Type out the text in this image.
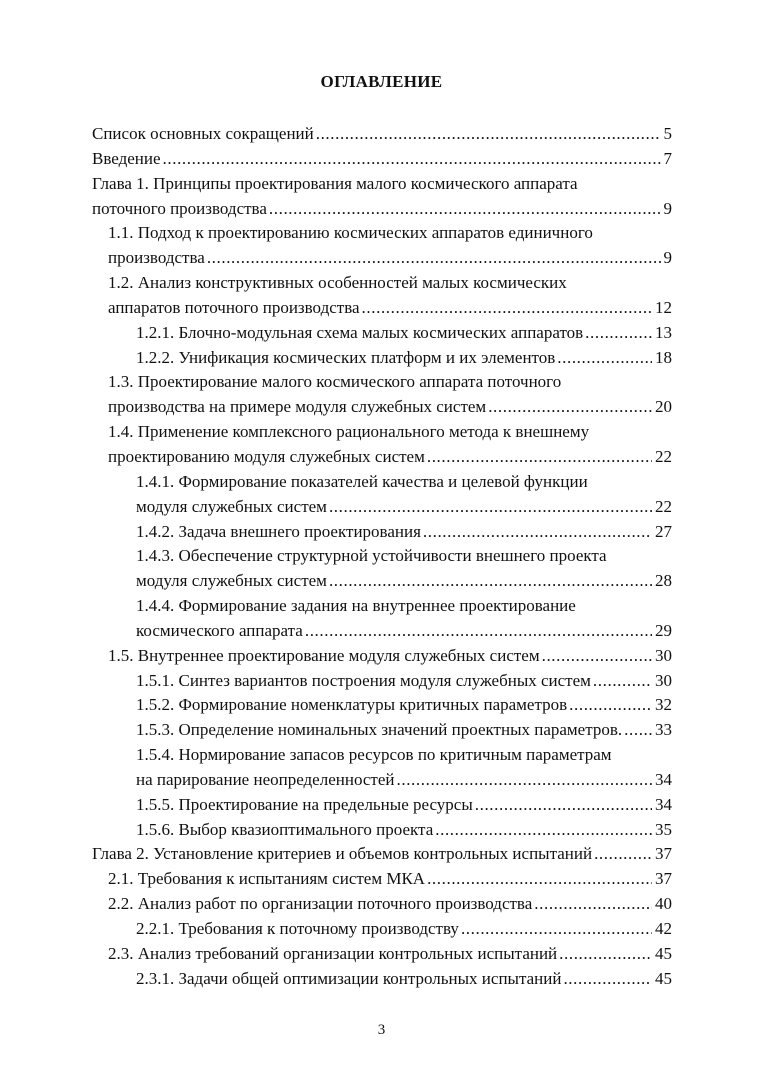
ОГЛАВЛЕНИЕ
Список основных сокращений .....	5
Введение .....	7
Глава 1. Принципы проектирования малого космического аппарата
поточного производства .....	9
1.1. Подход к проектированию космических аппаратов единичного
производства .....	9
1.2. Анализ конструктивных особенностей малых космических
аппаратов поточного производства .....	12
1.2.1. Блочно-модульная схема малых космических аппаратов .....	13
1.2.2. Унификация космических платформ и их элементов .....	18
1.3. Проектирование малого космического аппарата поточного
производства на примере модуля служебных систем .....	20
1.4. Применение комплексного рационального метода к внешнему
проектированию модуля служебных систем .....	22
1.4.1. Формирование показателей качества и целевой функции
модуля служебных систем .....	22
1.4.2. Задача внешнего проектирования .....	27
1.4.3. Обеспечение структурной устойчивости внешнего проекта
модуля служебных систем .....	28
1.4.4. Формирование задания на внутреннее проектирование
космического аппарата .....	29
1.5. Внутреннее проектирование модуля служебных систем .....	30
1.5.1. Синтез вариантов построения модуля служебных систем .....	30
1.5.2. Формирование номенклатуры критичных параметров .....	32
1.5.3. Определение номинальных значений проектных параметров. ..... 33
1.5.4. Нормирование запасов ресурсов по критичным параметрам
на парирование неопределенностей .....	34
1.5.5. Проектирование на предельные ресурсы .....	34
1.5.6. Выбор квазиоптимального проекта .....	35
Глава 2. Установление критериев и объемов контрольных испытаний .....	37
2.1. Требования к испытаниям систем МКА .....	37
2.2. Анализ работ по организации поточного производства .....	40
2.2.1. Требования к поточному производству .....	42
2.3. Анализ требований организации контрольных испытаний .....	45
2.3.1. Задачи общей оптимизации контрольных испытаний .....	45
3
